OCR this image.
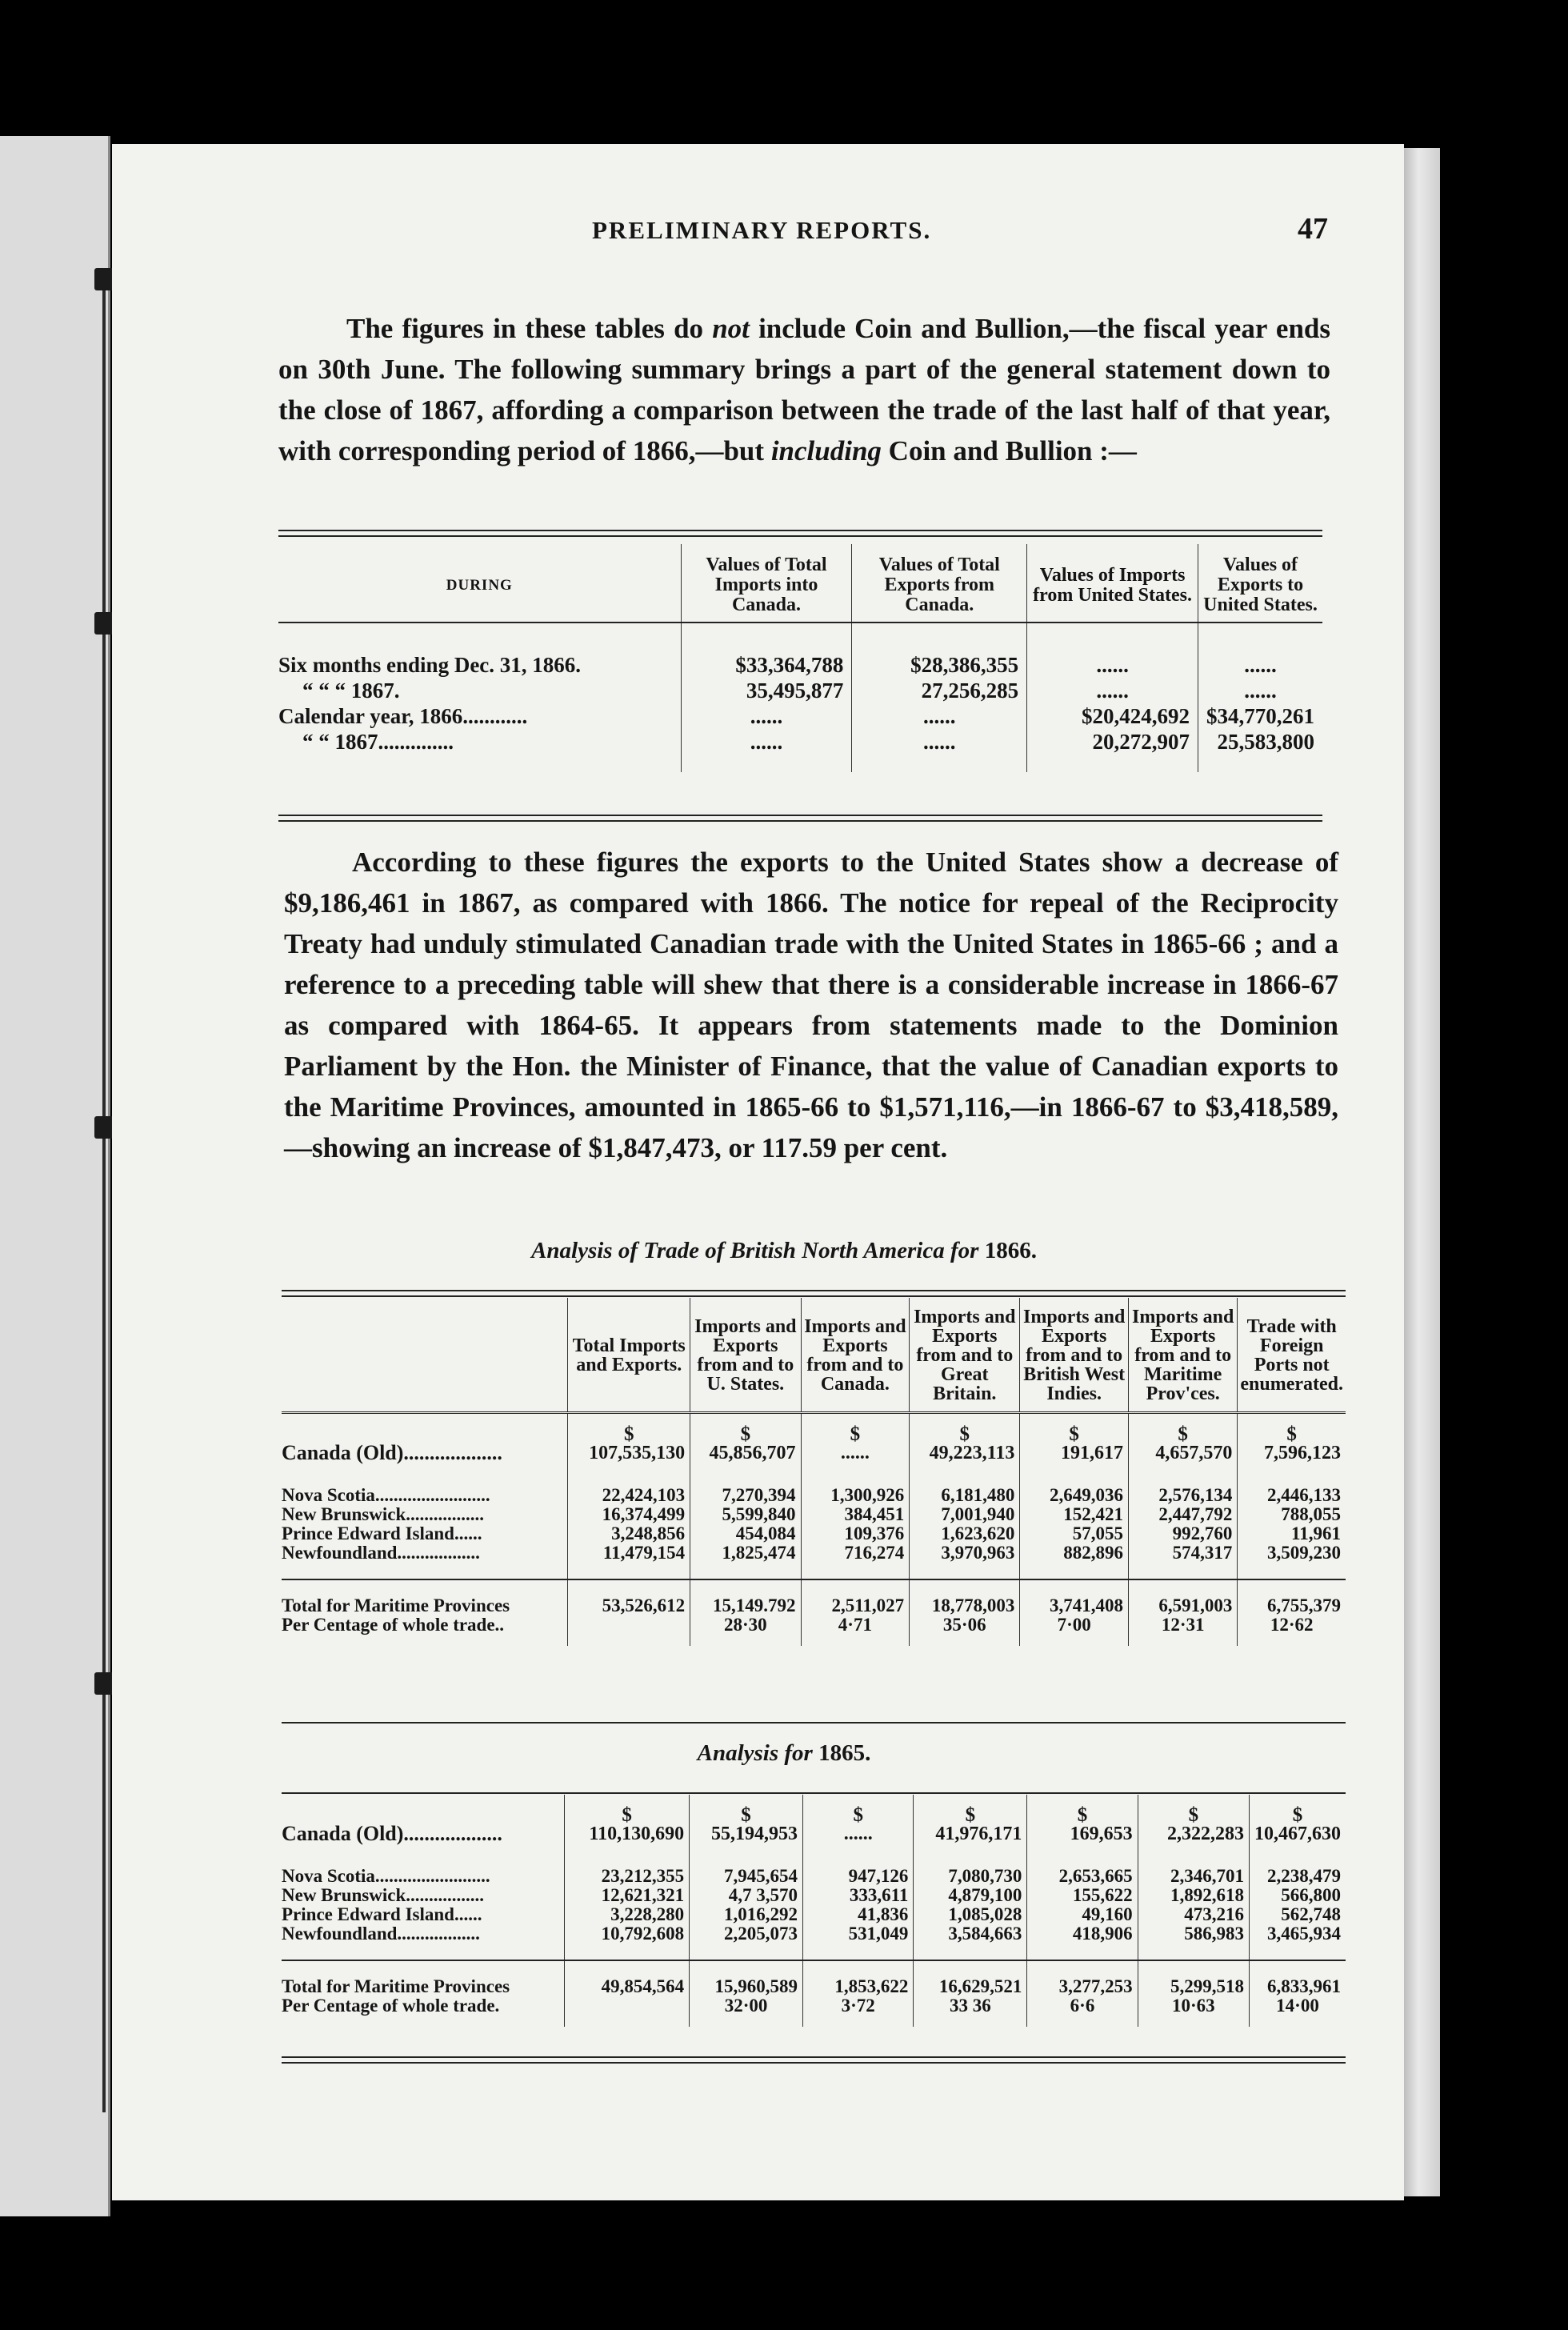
PRELIMINARY REPORTS.	47

The figures in these tables do not include Coin and Bullion,—the fiscal year ends on 30th June. The following summary brings a part of the general statement down to the close of 1867, affording a comparison between the trade of the last half of that year, with corresponding period of 1866,—but including Coin and Bullion :—

DURING	Values of Total Imports into Canada.	Values of Total Exports from Canada.	Values of Imports from United States.	Values of Exports to United States.
Six months ending Dec. 31, 1866.	$33,364,788	$28,386,355	......	......
“ “ “ 1867.	35,495,877	27,256,285	......	......
Calendar year, 1866............	......	......	$20,424,692	$34,770,261
“ “ 1867..............	......	......	20,272,907	25,583,800

According to these figures the exports to the United States show a decrease of $9,186,461 in 1867, as compared with 1866. The notice for repeal of the Reciprocity Treaty had unduly stimulated Canadian trade with the United States in 1865-66 ; and a reference to a preceding table will shew that there is a considerable increase in 1866-67 as compared with 1864-65. It appears from statements made to the Dominion Parliament by the Hon. the Minister of Finance, that the value of Canadian exports to the Maritime Provinces, amounted in 1865-66 to $1,571,116,—in 1866-67 to $3,418,589,—showing an increase of $1,847,473, or 117.59 per cent.

Analysis of Trade of British North America for 1866.
	Total Imports and Exports.	Imports and Exports from and to U. States.	Imports and Exports from and to Canada.	Imports and Exports from and to Great Britain.	Imports and Exports from and to British West Indies.	Imports and Exports from and to Maritime Prov'ces.	Trade with Foreign Ports not enumerated.
	$	$	$	$	$	$	$
Canada (Old)...................	107,535,130	45,856,707	......	49,223,113	191,617	4,657,570	7,596,123
Nova Scotia.........................	22,424,103	7,270,394	1,300,926	6,181,480	2,649,036	2,576,134	2,446,133
New Brunswick.................	16,374,499	5,599,840	384,451	7,001,940	152,421	2,447,792	788,055
Prince Edward Island......	3,248,856	454,084	109,376	1,623,620	57,055	992,760	11,961
Newfoundland..................	11,479,154	1,825,474	716,274	3,970,963	882,896	574,317	3,509,230
Total for Maritime Provinces	53,526,612	15,149.792	2,511,027	18,778,003	3,741,408	6,591,003	6,755,379
Per Centage of whole trade..		28·30	4·71	35·06	7·00	12·31	12·62
Analysis for 1865.
	$	$	$	$	$	$	$
Canada (Old)...................	110,130,690	55,194,953	......	41,976,171	169,653	2,322,283	10,467,630
Nova Scotia.........................	23,212,355	7,945,654	947,126	7,080,730	2,653,665	2,346,701	2,238,479
New Brunswick.................	12,621,321	4,7 3,570	333,611	4,879,100	155,622	1,892,618	566,800
Prince Edward Island......	3,228,280	1,016,292	41,836	1,085,028	49,160	473,216	562,748
Newfoundland..................	10,792,608	2,205,073	531,049	3,584,663	418,906	586,983	3,465,934
Total for Maritime Provinces	49,854,564	15,960,589	1,853,622	16,629,521	3,277,253	5,299,518	6,833,961
Per Centage of whole trade.		32·00	3·72	33 36	6·6	10·63	14·00
